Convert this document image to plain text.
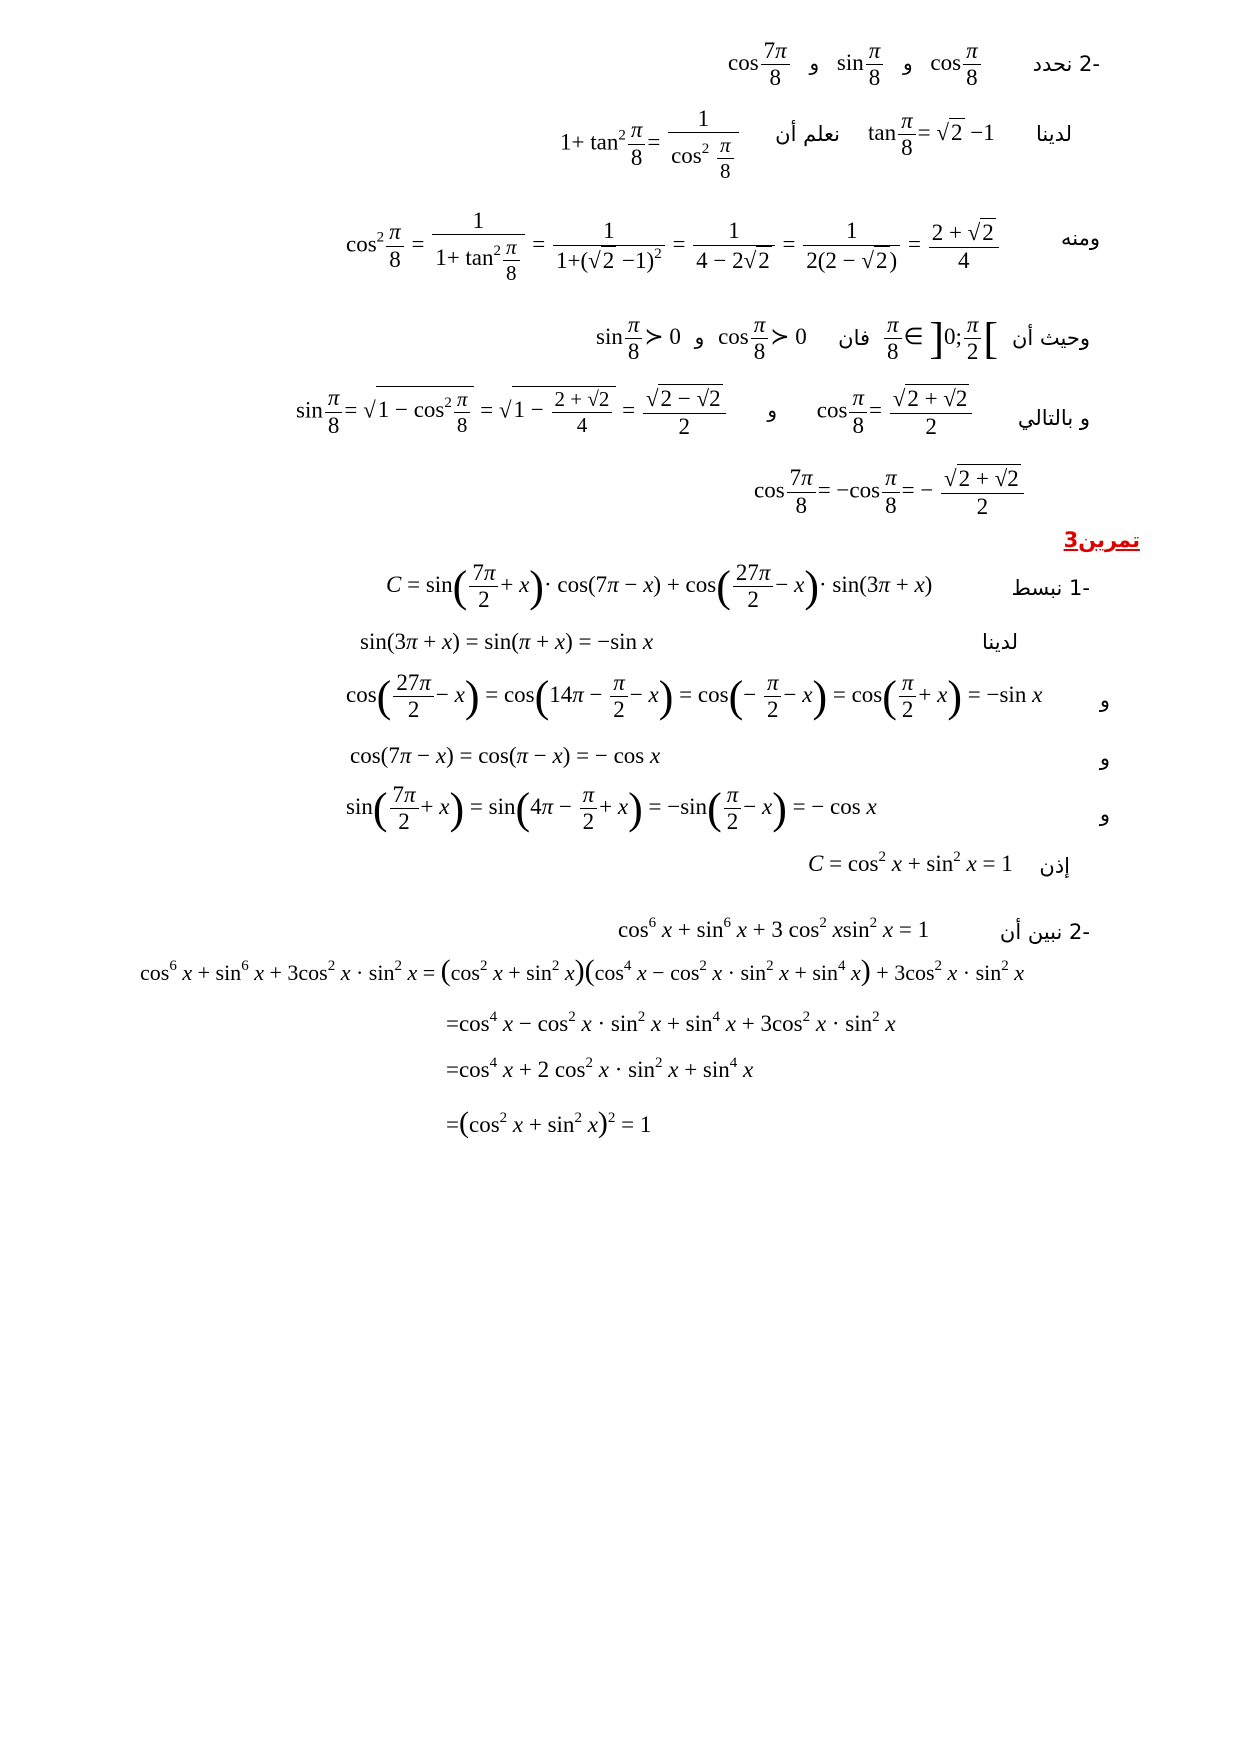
-2 نحدد
$\cos \frac{7\pi}{8}$ و $\sin \frac{\pi}{8}$ و $\cos \frac{\pi}{8}$
لدينا
$\tan \frac{\pi}{8} = √2 -1$
نعلم أن
$1+ \tan^2 \frac{\pi}{8} = \frac{1}{\cos^2 \frac{\pi}{8}}$
ومنه
$\cos^2 \frac{\pi}{8} = \frac{1}{1+ \tan^2 \frac{\pi}{8}} = \frac{1}{1+(√2 -1)^2} = \frac{1}{4 - 2√2} = \frac{1}{2(2 - √2)} = \frac{2 + √2}{4}$
وحيث أن
$\frac{\pi}{8}$ ∈ ]0; $\frac{\pi}{2}$ [
فان
$\sin \frac{\pi}{8}$ ≻ 0 و $\cos \frac{\pi}{8}$ ≻ 0
و بالتالي
$\sin \frac{\pi}{8} = √1 - \cos^2 \frac{\pi}{8} = √1 - \frac{2 + √2}{4} = \frac{√2 - √2}{2}$ و $\cos \frac{\pi}{8} = \frac{√2 + √2}{2}$
$\cos \frac{7\pi}{8} = -\cos \frac{\pi}{8}$ = − $\frac{√2 + √2}{2}$
تمرين3
-1 نبسط
$C = \sin( \frac{7\pi}{2} + x)\cdot \cos(7\pi - x) + \cos( \frac{27\pi}{2} - x)\cdot \sin(3\pi + x)$
لدينا
sin(3π + x) = sin(π + x) = −sin x
و
$\cos( \frac{27\pi}{2} - x) = \cos(14\pi - \frac{\pi}{2} - x) = \cos(- \frac{\pi}{2} - x) = \cos( \frac{\pi}{2} + x) = -\sin$ x
و
cos(7π − x) = cos(π − x) = − cos x
و
$\sin( \frac{7\pi}{2} + x) = \sin(4\pi - \frac{\pi}{2} + x) = -\sin( \frac{\pi}{2} - x)$ = − cos x
إذن
$C = \cos^2 x + \sin^2 x = 1$
-2 نبين أن
$\cos^6 x + \sin^6 x + 3$ $\cos^2 xsin^2$ x = 1
$\cos^6 x + \sin^6 x + 3\cos^2$ $x \cdot \sin^2 x = (\cos^2$ $x + \sin^2 x)(\cos^4$ $x - \cos^2 x \cdot \sin^2 x + \sin^4 x) + 3\cos^2$ $x \cdot \sin^2 x$
$=\cos^4$ $x - \cos^2 x \cdot \sin^2 x + \sin^4 x + 3\cos^2$ $x \cdot \sin^2 x$
$=\cos^4$ x + 2 $\cos^2 x \cdot \sin^2 x + \sin^4 x$
$=(\cos^2$ $x + \sin^2 x)^2 = 1$
